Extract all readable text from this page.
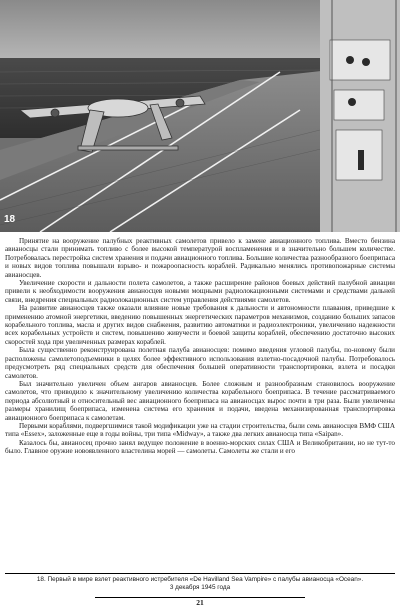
18

Принятие на вооружение палубных реактивных самолетов привело к замене авиационного топлива. Вместо бензина авианосцы стали принимать топливо с более высокой температурой воспламенения и в значительно большем количестве. Потребовалась перестройка систем хранения и подачи авиационного топлива. Большие количества разнообразного боеприпаса и новых видов топлива повышали взрыво- и пожароопасность кораблей. Радикально менялись противопожарные системы авианосцев.

Увеличение скорости и дальности полета самолетов, а также расширение районов боевых действий палубной авиации привели к необходимости вооружения авианосцев новыми мощными радиолокационными системами и средствами дальней связи, внедрения специальных радиолокационных систем управления действиями самолетов.

На развитие авианосцев также оказали влияние новые требования к дальности и автономности плавания, приведшие к применению атомной энергетики, введению повышенных энергетических параметров механизмов, созданию больших запасов корабельного топлива, масла и других видов снабжения, развитию автоматики и радиоэлектроники, увеличению надежности всех корабельных устройств и систем, повышению живучести и боевой защиты кораблей, обеспечению достаточно высоких скоростей хода при увеличенных размерах кораблей.

Была существенно реконструирована полетная палуба авианосцев: помимо введения угловой палубы, по-новому были расположены самолетоподъемники в целях более эффективного использования взлетно-посадочной палубы. Потребовалось предусмотреть ряд специальных средств для обеспечения большей оперативности транспортировки, взлета и посадки самолетов.

Был значительно увеличен объем ангаров авианосцев. Более сложным и разнообразным становилось вооружение самолетов, что приводило к значительному увеличению количества корабельного боеприпаса. В течение рассматриваемого периода абсолютный и относительный вес авиационного боеприпаса на авианосцах вырос почти в три раза. Были увеличены размеры хранилищ боеприпаса, изменена система его хранения и подачи, введена механизированная транспортировка авиационного боеприпаса к самолетам.

Первыми кораблями, подвергшимися такой модификации уже на стадии строительства, были семь авианосцев ВМФ США типа «Essex», заложенные еще в годы войны, три типа «Midway», а также два легких авианосца типа «Saipan».

Казалось бы, авианосец прочно занял ведущее положение в военно-морских силах США и Великобритании, но не тут-то было. Главное оружие новоявленного властелина морей — самолеты. Самолеты же стали и его

18. Первый в мире взлет реактивного истребителя «De Havilland Sea Vampire» с палубы авианосца «Ocean».
3 декабря 1945 года
21
